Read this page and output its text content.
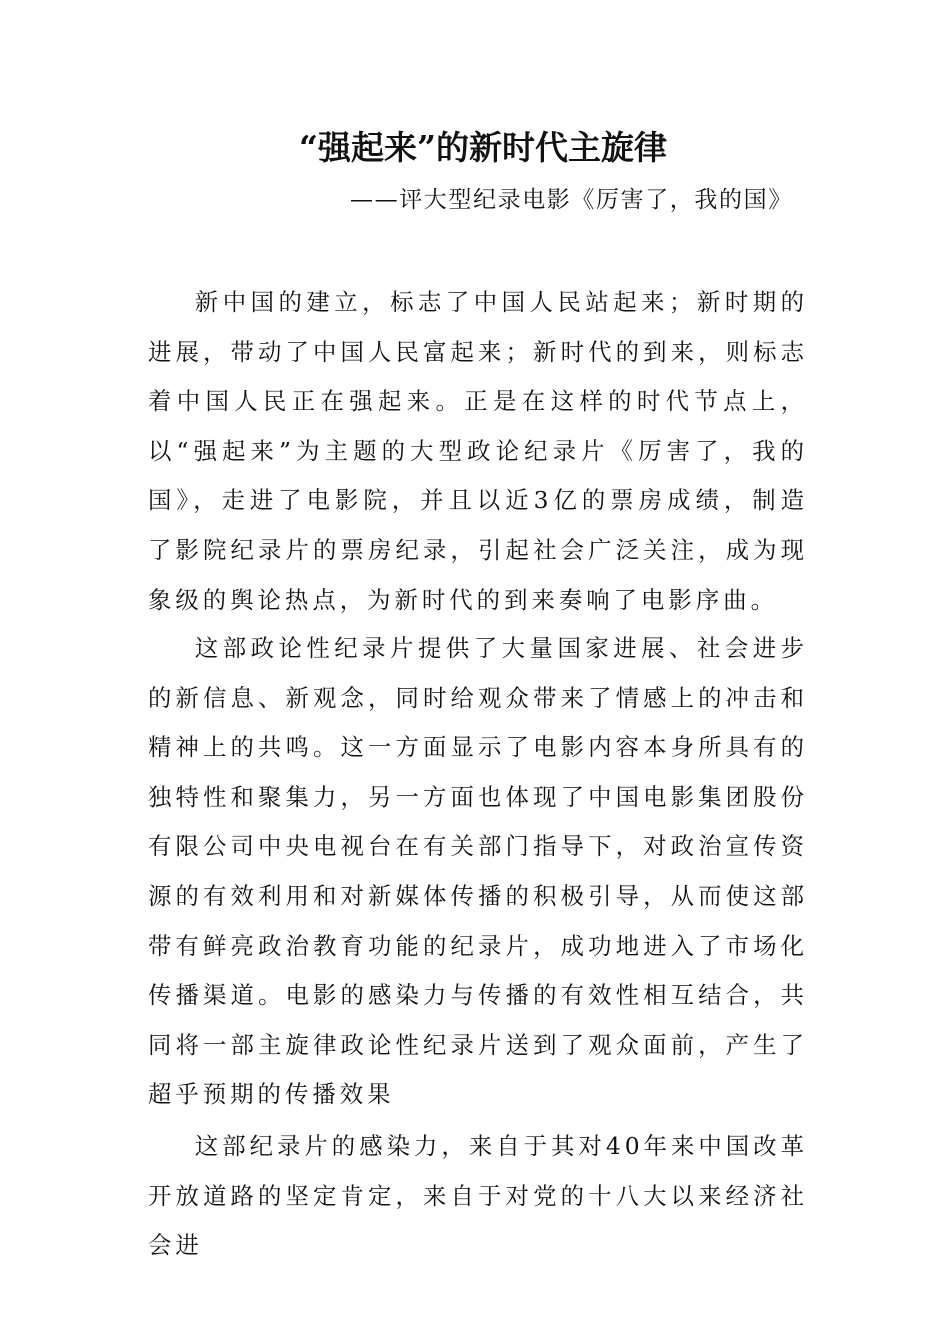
“强起来”的新时代主旋律
——评大型纪录电影《厉害了，我的国》

新中国的建立，标志了中国人民站起来；新时期的进展，带动了中国人民富起来；新时代的到来，则标志着中国人民正在强起来。正是在这样的时代节点上，以“强起来”为主题的大型政论纪录片《厉害了，我的国》，走进了电影院，并且以近3亿的票房成绩，制造了影院纪录片的票房纪录，引起社会广泛关注，成为现象级的舆论热点，为新时代的到来奏响了电影序曲。

这部政论性纪录片提供了大量国家进展、社会进步的新信息、新观念，同时给观众带来了情感上的冲击和精神上的共鸣。这一方面显示了电影内容本身所具有的独特性和聚集力，另一方面也体现了中国电影集团股份有限公司中央电视台在有关部门指导下，对政治宣传资源的有效利用和对新媒体传播的积极引导，从而使这部带有鲜亮政治教育功能的纪录片，成功地进入了市场化传播渠道。电影的感染力与传播的有效性相互结合，共同将一部主旋律政论性纪录片送到了观众面前，产生了超乎预期的传播效果

这部纪录片的感染力，来自于其对40年来中国改革开放道路的坚定肯定，来自于对党的十八大以来经济社会进
